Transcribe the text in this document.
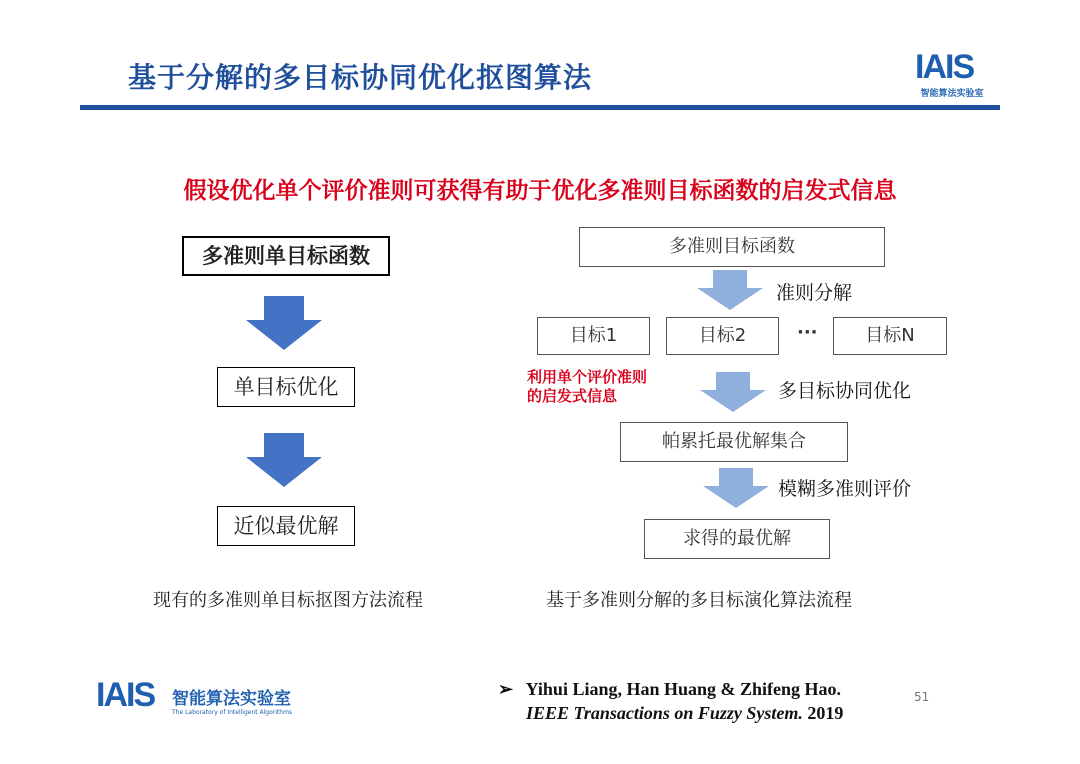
基于分解的多目标协同优化抠图算法	IAIS
智能算法实验室
假设优化单个评价准则可获得有助于优化多准则目标函数的启发式信息
多准则单目标函数
单目标优化
近似最优解
现有的多准则单目标抠图方法流程
多准则目标函数
准则分解
目标1	目标2	···	目标N
利用单个评价准则的启发式信息	多目标协同优化
帕累托最优解集合
模糊多准则评价
求得的最优解
基于多准则分解的多目标演化算法流程
➢ Yihui Liang, Han Huang & Zhifeng Hao.
IEEE Transactions on Fuzzy System. 2019
51
IAIS 智能算法实验室
The Laboratory of Intelligent Algorithms
